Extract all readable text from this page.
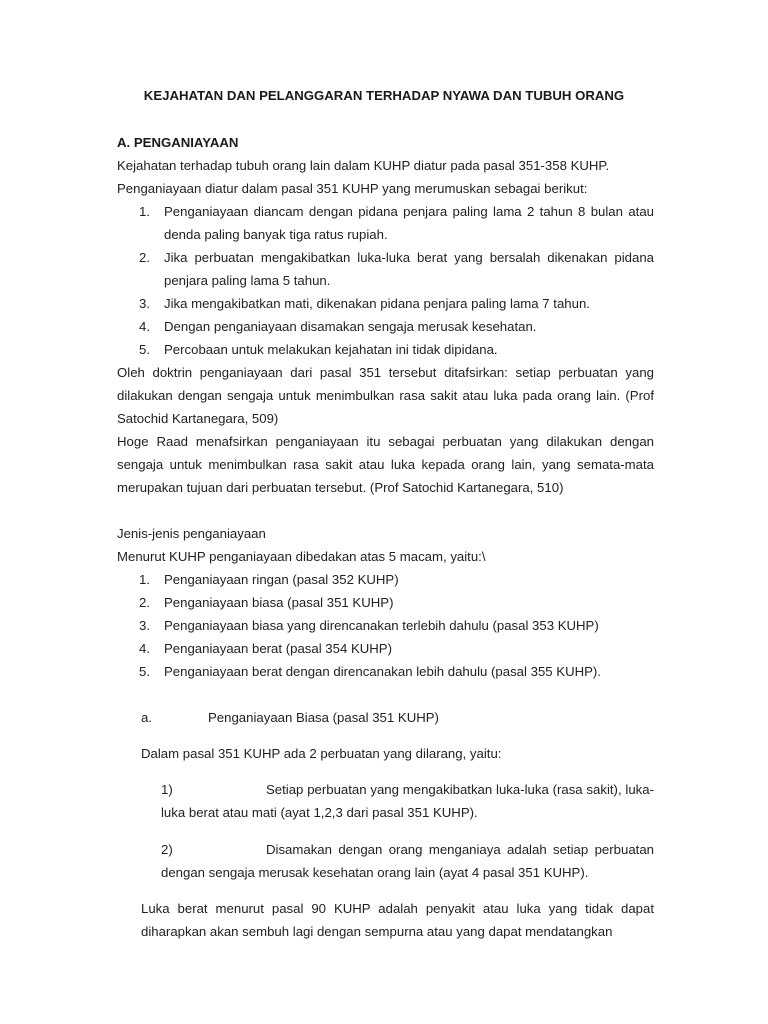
KEJAHATAN DAN PELANGGARAN TERHADAP NYAWA DAN TUBUH ORANG

A. PENGANIAYAAN

Kejahatan terhadap tubuh orang lain dalam KUHP diatur pada pasal 351-358 KUHP.

Penganiayaan diatur dalam pasal 351 KUHP yang merumuskan sebagai berikut:

1.	Penganiayaan diancam dengan pidana penjara paling lama 2 tahun 8 bulan atau denda paling banyak tiga ratus rupiah.
2.	Jika perbuatan mengakibatkan luka-luka berat yang bersalah dikenakan pidana penjara paling lama 5 tahun.
3.	Jika mengakibatkan mati, dikenakan pidana penjara paling lama 7 tahun.
4.	Dengan penganiayaan disamakan sengaja merusak kesehatan.
5.	Percobaan untuk melakukan kejahatan ini tidak dipidana.

Oleh doktrin penganiayaan dari pasal 351 tersebut ditafsirkan: setiap perbuatan yang dilakukan dengan sengaja untuk menimbulkan rasa sakit atau luka pada orang lain. (Prof Satochid Kartanegara, 509)

Hoge Raad menafsirkan penganiayaan itu sebagai perbuatan yang dilakukan dengan sengaja untuk menimbulkan rasa sakit atau luka kepada orang lain, yang semata-mata merupakan tujuan dari perbuatan tersebut. (Prof Satochid Kartanegara, 510)

Jenis-jenis penganiayaan

Menurut KUHP penganiayaan dibedakan atas 5 macam, yaitu:\

1.	Penganiayaan ringan (pasal 352 KUHP)
2.	Penganiayaan biasa (pasal 351 KUHP)
3.	Penganiayaan biasa yang direncanakan terlebih dahulu (pasal 353 KUHP)
4.	Penganiayaan berat (pasal 354 KUHP)
5.	Penganiayaan berat dengan direncanakan lebih dahulu (pasal 355 KUHP).
a.	Penganiayaan Biasa (pasal 351 KUHP)

Dalam pasal 351 KUHP ada 2 perbuatan yang dilarang, yaitu:

1)	Setiap perbuatan yang mengakibatkan luka-luka (rasa sakit), luka-luka berat atau mati (ayat 1,2,3 dari pasal 351 KUHP).

2)	Disamakan dengan orang menganiaya adalah setiap perbuatan dengan sengaja merusak kesehatan orang lain (ayat 4 pasal 351 KUHP).

Luka berat menurut pasal 90 KUHP adalah penyakit atau luka yang tidak dapat diharapkan akan sembuh lagi dengan sempurna atau yang dapat mendatangkan
